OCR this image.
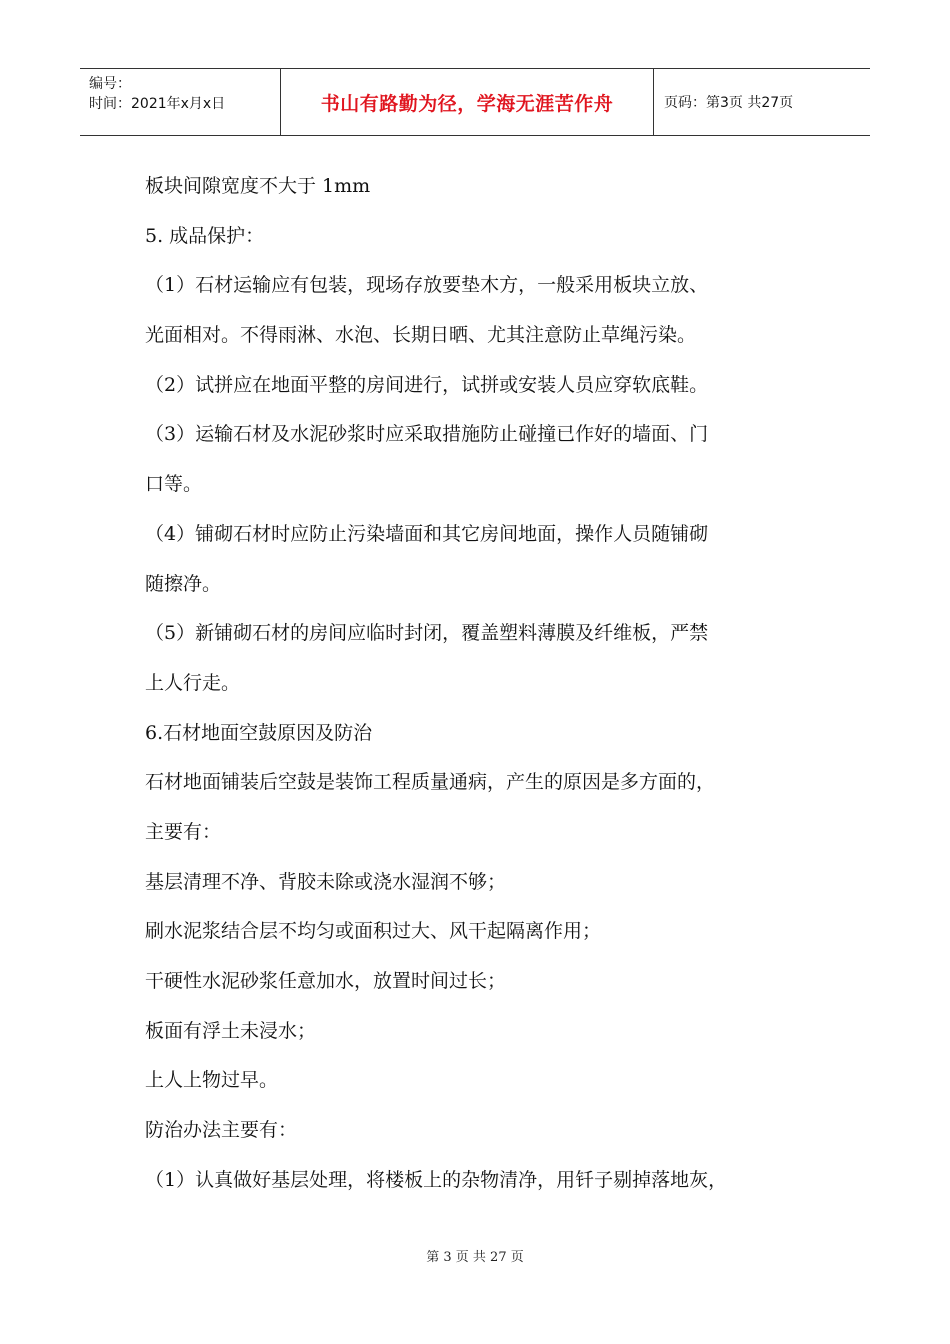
编号：
时间：2021年x月x日	书山有路勤为径，学海无涯苦作舟	页码：第3页 共27页
板块间隙宽度不大于 1mm
5. 成品保护：
（1）石材运输应有包装，现场存放要垫木方，一般采用板块立放、
光面相对。不得雨淋、水泡、长期日晒、尤其注意防止草绳污染。
（2）试拼应在地面平整的房间进行，试拼或安装人员应穿软底鞋。
（3）运输石材及水泥砂浆时应采取措施防止碰撞已作好的墙面、门
口等。
（4）铺砌石材时应防止污染墙面和其它房间地面，操作人员随铺砌
随擦净。
（5）新铺砌石材的房间应临时封闭，覆盖塑料薄膜及纤维板，严禁
上人行走。
6.石材地面空鼓原因及防治
石材地面铺装后空鼓是装饰工程质量通病，产生的原因是多方面的，
主要有：
基层清理不净、背胶未除或浇水湿润不够；
刷水泥浆结合层不均匀或面积过大、风干起隔离作用；
干硬性水泥砂浆任意加水，放置时间过长；
板面有浮土未浸水；
上人上物过早。
防治办法主要有：
（1）认真做好基层处理，将楼板上的杂物清净，用钎子剔掉落地灰，
第 3 页 共 27 页
